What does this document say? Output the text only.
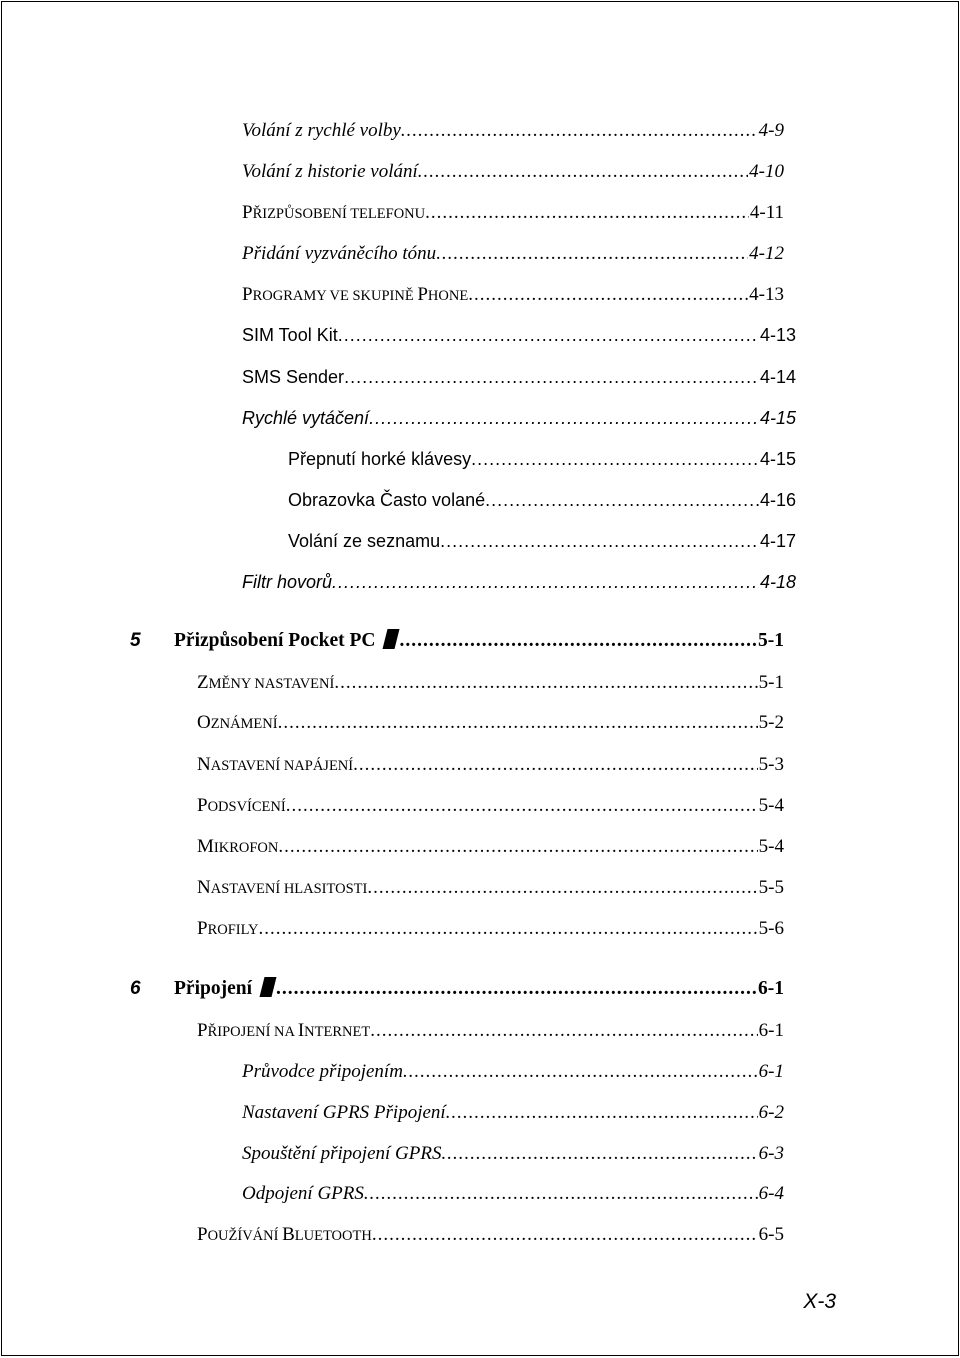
Volání z rychlé volby .....	4-9
Volání z historie volání .....	4-10
PŘIZPŮSOBENÍ TELEFONU .....	4-11
Přidání vyzváněcího tónu .....	4-12
PROGRAMY VE SKUPINĚ PHONE .....	4-13
SIM Tool Kit .....	4-13
SMS Sender .....	4-14
Rychlé vytáčení .....	4-15
Přepnutí horké klávesy .....	4-15
Obrazovka Často volané .....	4-16
Volání ze seznamu .....	4-17
Filtr hovorů .....	4-18
5 Přizpůsobení Pocket PC .....	5-1
ZMĚNY NASTAVENÍ .....	5-1
OZNÁMENÍ .....	5-2
NASTAVENÍ NAPÁJENÍ .....	5-3
PODSVÍCENÍ .....	5-4
MIKROFON .....	5-4
NASTAVENÍ HLASITOSTI .....	5-5
PROFILY .....	5-6
6 Připojení .....	6-1
PŘIPOJENÍ NA INTERNET .....	6-1
Průvodce připojením .....	6-1
Nastavení GPRS Připojení .....	6-2
Spouštění připojení GPRS .....	6-3
Odpojení GPRS .....	6-4
POUŽÍVÁNÍ BLUETOOTH .....	6-5
X-3
